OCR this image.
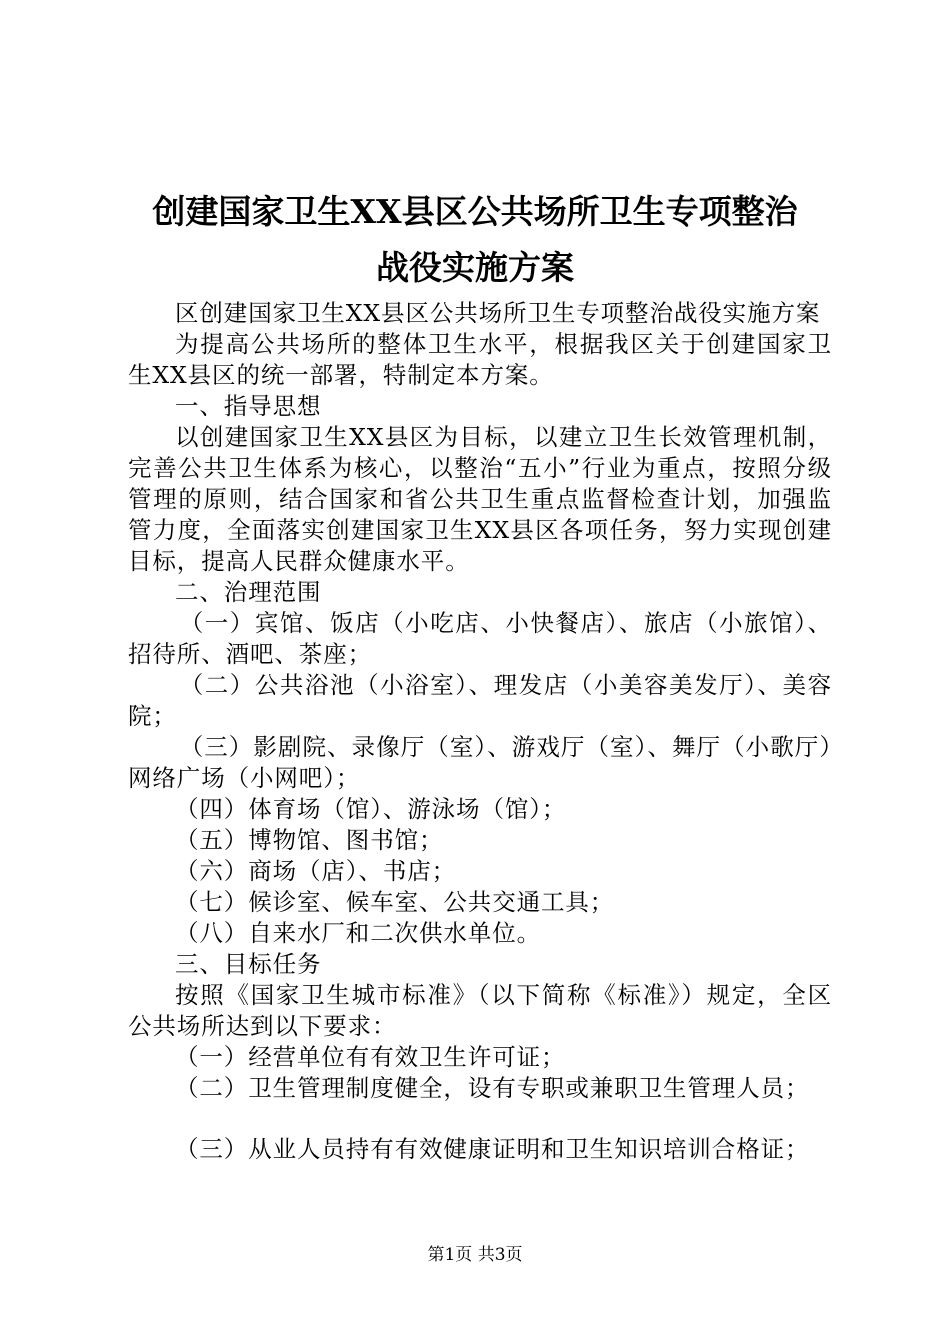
创建国家卫生XX县区公共场所卫生专项整治
战役实施方案

区创建国家卫生XX县区公共场所卫生专项整治战役实施方案

为提高公共场所的整体卫生水平，根据我区关于创建国家卫生XX县区的统一部署，特制定本方案。

一、指导思想

以创建国家卫生XX县区为目标，以建立卫生长效管理机制，完善公共卫生体系为核心，以整治“五小”行业为重点，按照分级管理的原则，结合国家和省公共卫生重点监督检查计划，加强监管力度，全面落实创建国家卫生XX县区各项任务，努力实现创建目标，提高人民群众健康水平。

二、治理范围

（一）宾馆、饭店（小吃店、小快餐店）、旅店（小旅馆）、招待所、酒吧、茶座；

（二）公共浴池（小浴室）、理发店（小美容美发厅）、美容院；

（三）影剧院、录像厅（室）、游戏厅（室）、舞厅（小歌厅）网络广场（小网吧）；

（四）体育场（馆）、游泳场（馆）；

（五）博物馆、图书馆；

（六）商场（店）、书店；

（七）候诊室、候车室、公共交通工具；

（八）自来水厂和二次供水单位。

三、目标任务

按照《国家卫生城市标准》（以下简称《标准》）规定，全区公共场所达到以下要求：

（一）经营单位有有效卫生许可证；

（二）卫生管理制度健全，设有专职或兼职卫生管理人员；

（三）从业人员持有有效健康证明和卫生知识培训合格证；

第1页 共3页
